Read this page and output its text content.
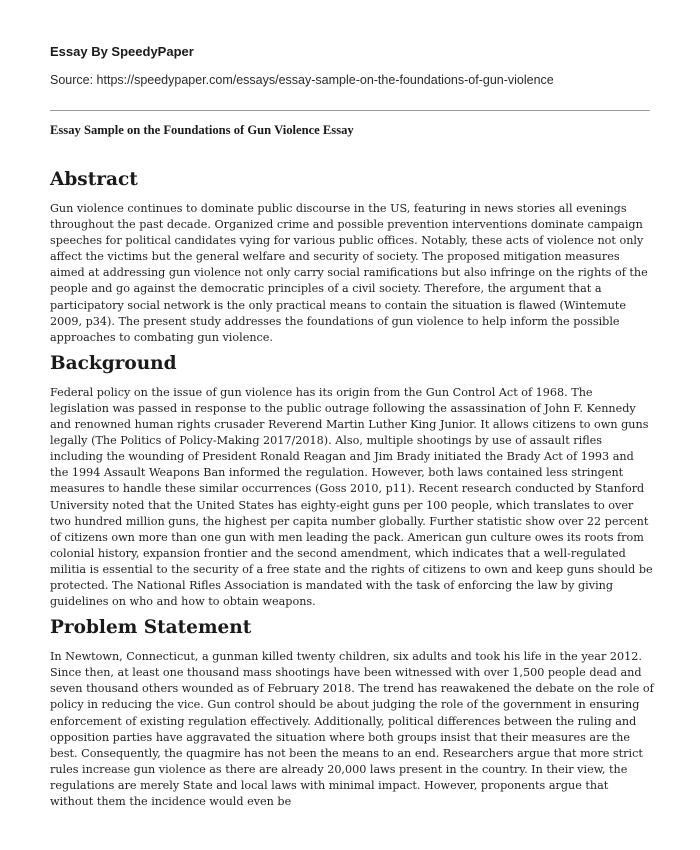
Essay By SpeedyPaper
Source: https://speedypaper.com/essays/essay-sample-on-the-foundations-of-gun-violence
Essay Sample on the Foundations of Gun Violence Essay
Abstract

Gun violence continues to dominate public discourse in the US, featuring in news stories all evenings throughout the past decade. Organized crime and possible prevention interventions dominate campaign speeches for political candidates vying for various public offices. Notably, these acts of violence not only affect the victims but the general welfare and security of society. The proposed mitigation measures aimed at addressing gun violence not only carry social ramifications but also infringe on the rights of the people and go against the democratic principles of a civil society. Therefore, the argument that a participatory social network is the only practical means to contain the situation is flawed (Wintemute 2009, p34). The present study addresses the foundations of gun violence to help inform the possible approaches to combating gun violence.

Background

Federal policy on the issue of gun violence has its origin from the Gun Control Act of 1968. The legislation was passed in response to the public outrage following the assassination of John F. Kennedy and renowned human rights crusader Reverend Martin Luther King Junior. It allows citizens to own guns legally (The Politics of Policy-Making 2017/2018). Also, multiple shootings by use of assault rifles including the wounding of President Ronald Reagan and Jim Brady initiated the Brady Act of 1993 and the 1994 Assault Weapons Ban informed the regulation. However, both laws contained less stringent measures to handle these similar occurrences (Goss 2010, p11). Recent research conducted by Stanford University noted that the United States has eighty-eight guns per 100 people, which translates to over two hundred million guns, the highest per capita number globally. Further statistic show over 22 percent of citizens own more than one gun with men leading the pack. American gun culture owes its roots from colonial history, expansion frontier and the second amendment, which indicates that a well-regulated militia is essential to the security of a free state and the rights of citizens to own and keep guns should be protected. The National Rifles Association is mandated with the task of enforcing the law by giving guidelines on who and how to obtain weapons.

Problem Statement

In Newtown, Connecticut, a gunman killed twenty children, six adults and took his life in the year 2012. Since then, at least one thousand mass shootings have been witnessed with over 1,500 people dead and seven thousand others wounded as of February 2018. The trend has reawakened the debate on the role of policy in reducing the vice. Gun control should be about judging the role of the government in ensuring enforcement of existing regulation effectively. Additionally, political differences between the ruling and opposition parties have aggravated the situation where both groups insist that their measures are the best. Consequently, the quagmire has not been the means to an end. Researchers argue that more strict rules increase gun violence as there are already 20,000 laws present in the country. In their view, the regulations are merely State and local laws with minimal impact. However, proponents argue that without them the incidence would even be
